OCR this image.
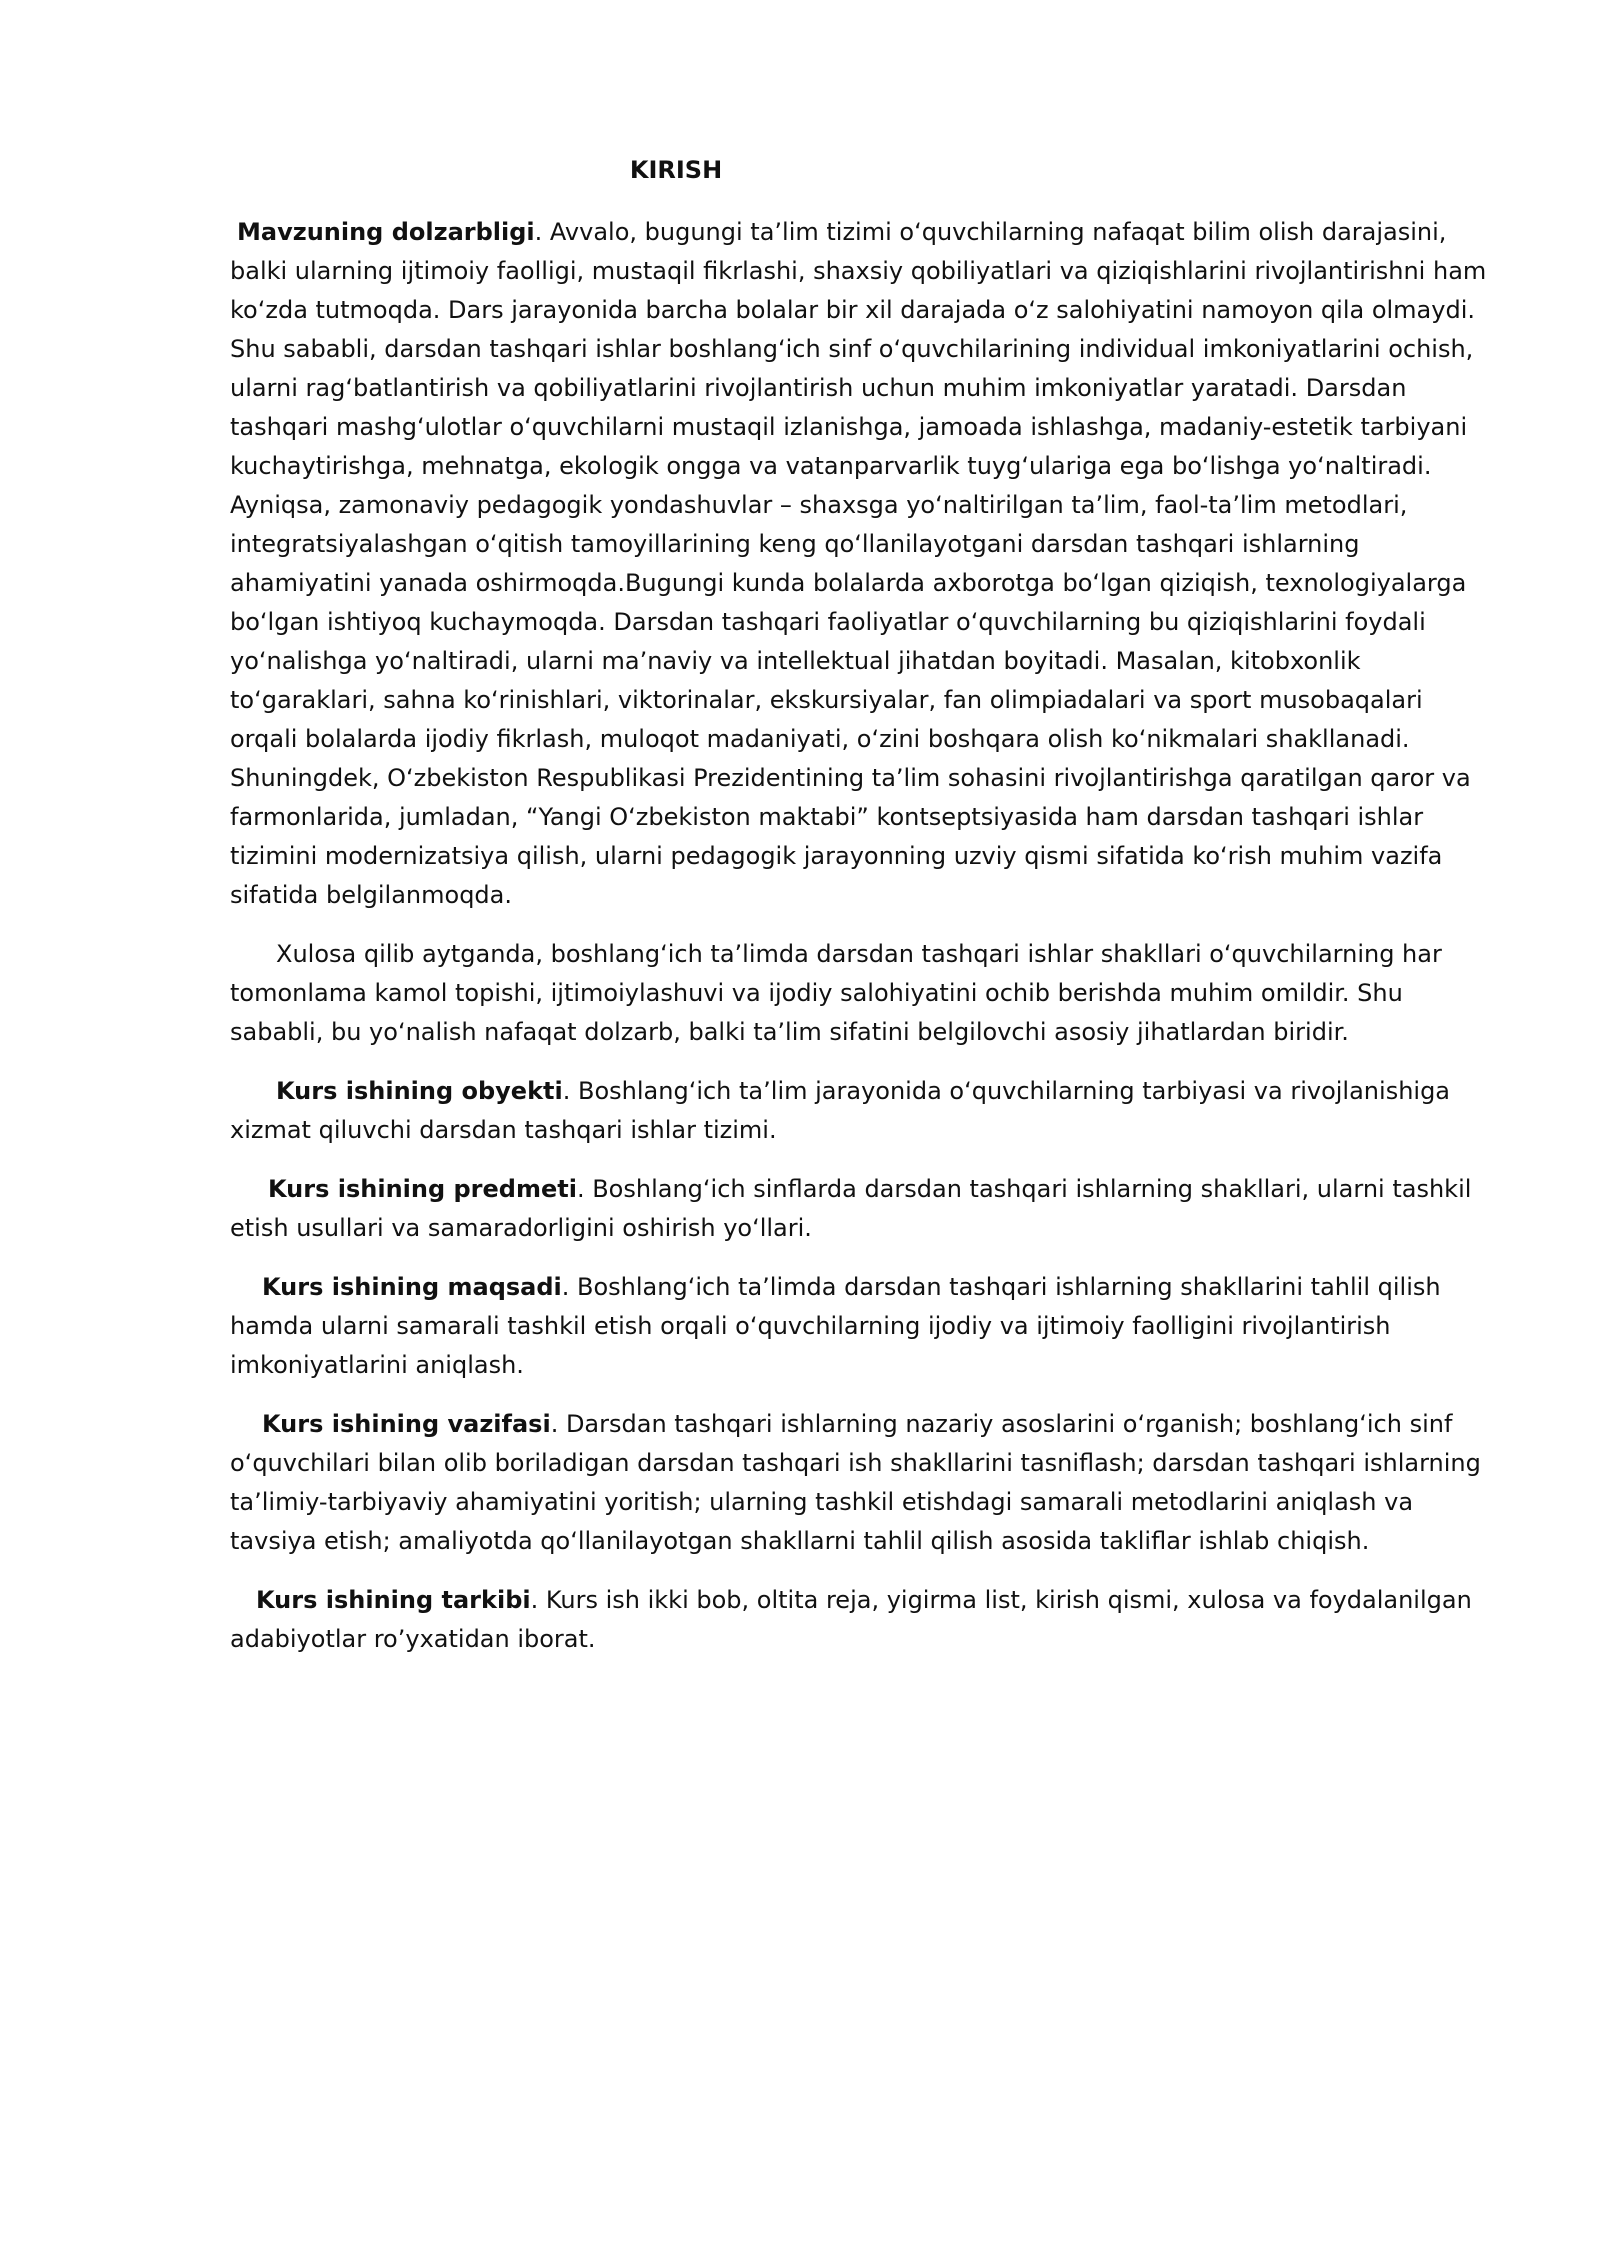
KIRISH

Mavzuning dolzarbligi. Avvalo, bugungi ta’lim tizimi o‘quvchilarning nafaqat bilim olish darajasini, balki ularning ijtimoiy faolligi, mustaqil fikrlashi, shaxsiy qobiliyatlari va qiziqishlarini rivojlantirishni ham ko‘zda tutmoqda. Dars jarayonida barcha bolalar bir xil darajada o‘z salohiyatini namoyon qila olmaydi. Shu sababli, darsdan tashqari ishlar boshlang‘ich sinf o‘quvchilarining individual imkoniyatlarini ochish, ularni rag‘batlantirish va qobiliyatlarini rivojlantirish uchun muhim imkoniyatlar yaratadi. Darsdan tashqari mashg‘ulotlar o‘quvchilarni mustaqil izlanishga, jamoada ishlashga, madaniy-estetik tarbiyani kuchaytirishga, mehnatga, ekologik ongga va vatanparvarlik tuyg‘ulariga ega bo‘lishga yo‘naltiradi. Ayniqsa, zamonaviy pedagogik yondashuvlar – shaxsga yo‘naltirilgan ta’lim, faol-ta’lim metodlari, integratsiyalashgan o‘qitish tamoyillarining keng qo‘llanilayotgani darsdan tashqari ishlarning ahamiyatini yanada oshirmoqda.Bugungi kunda bolalarda axborotga bo‘lgan qiziqish, texnologiyalarga bo‘lgan ishtiyoq kuchaymoqda. Darsdan tashqari faoliyatlar o‘quvchilarning bu qiziqishlarini foydali yo‘nalishga yo‘naltiradi, ularni ma’naviy va intellektual jihatdan boyitadi. Masalan, kitobxonlik to‘garaklari, sahna ko‘rinishlari, viktorinalar, ekskursiyalar, fan olimpiadalari va sport musobaqalari orqali bolalarda ijodiy fikrlash, muloqot madaniyati, o‘zini boshqara olish ko‘nikmalari shakllanadi. Shuningdek, O‘zbekiston Respublikasi Prezidentining ta’lim sohasini rivojlantirishga qaratilgan qaror va farmonlarida, jumladan, “Yangi O‘zbekiston maktabi” kontseptsiyasida ham darsdan tashqari ishlar tizimini modernizatsiya qilish, ularni pedagogik jarayonning uzviy qismi sifatida ko‘rish muhim vazifa sifatida belgilanmoqda.

Xulosa qilib aytganda, boshlang‘ich ta’limda darsdan tashqari ishlar shakllari o‘quvchilarning har tomonlama kamol topishi, ijtimoiylashuvi va ijodiy salohiyatini ochib berishda muhim omildir. Shu sababli, bu yo‘nalish nafaqat dolzarb, balki ta’lim sifatini belgilovchi asosiy jihatlardan biridir.

Kurs ishining obyekti. Boshlang‘ich ta’lim jarayonida o‘quvchilarning tarbiyasi va rivojlanishiga xizmat qiluvchi darsdan tashqari ishlar tizimi.

Kurs ishining predmeti. Boshlang‘ich sinflarda darsdan tashqari ishlarning shakllari, ularni tashkil etish usullari va samaradorligini oshirish yo‘llari.

Kurs ishining maqsadi. Boshlang‘ich ta’limda darsdan tashqari ishlarning shakllarini tahlil qilish hamda ularni samarali tashkil etish orqali o‘quvchilarning ijodiy va ijtimoiy faolligini rivojlantirish imkoniyatlarini aniqlash.

Kurs ishining vazifasi. Darsdan tashqari ishlarning nazariy asoslarini o‘rganish; boshlang‘ich sinf o‘quvchilari bilan olib boriladigan darsdan tashqari ish shakllarini tasniflash; darsdan tashqari ishlarning ta’limiy-tarbiyaviy ahamiyatini yoritish; ularning tashkil etishdagi samarali metodlarini aniqlash va tavsiya etish; amaliyotda qo‘llanilayotgan shakllarni tahlil qilish asosida takliflar ishlab chiqish.

Kurs ishining tarkibi. Kurs ish ikki bob, oltita reja, yigirma list, kirish qismi, xulosa va foydalanilgan adabiyotlar ro’yxatidan iborat.
